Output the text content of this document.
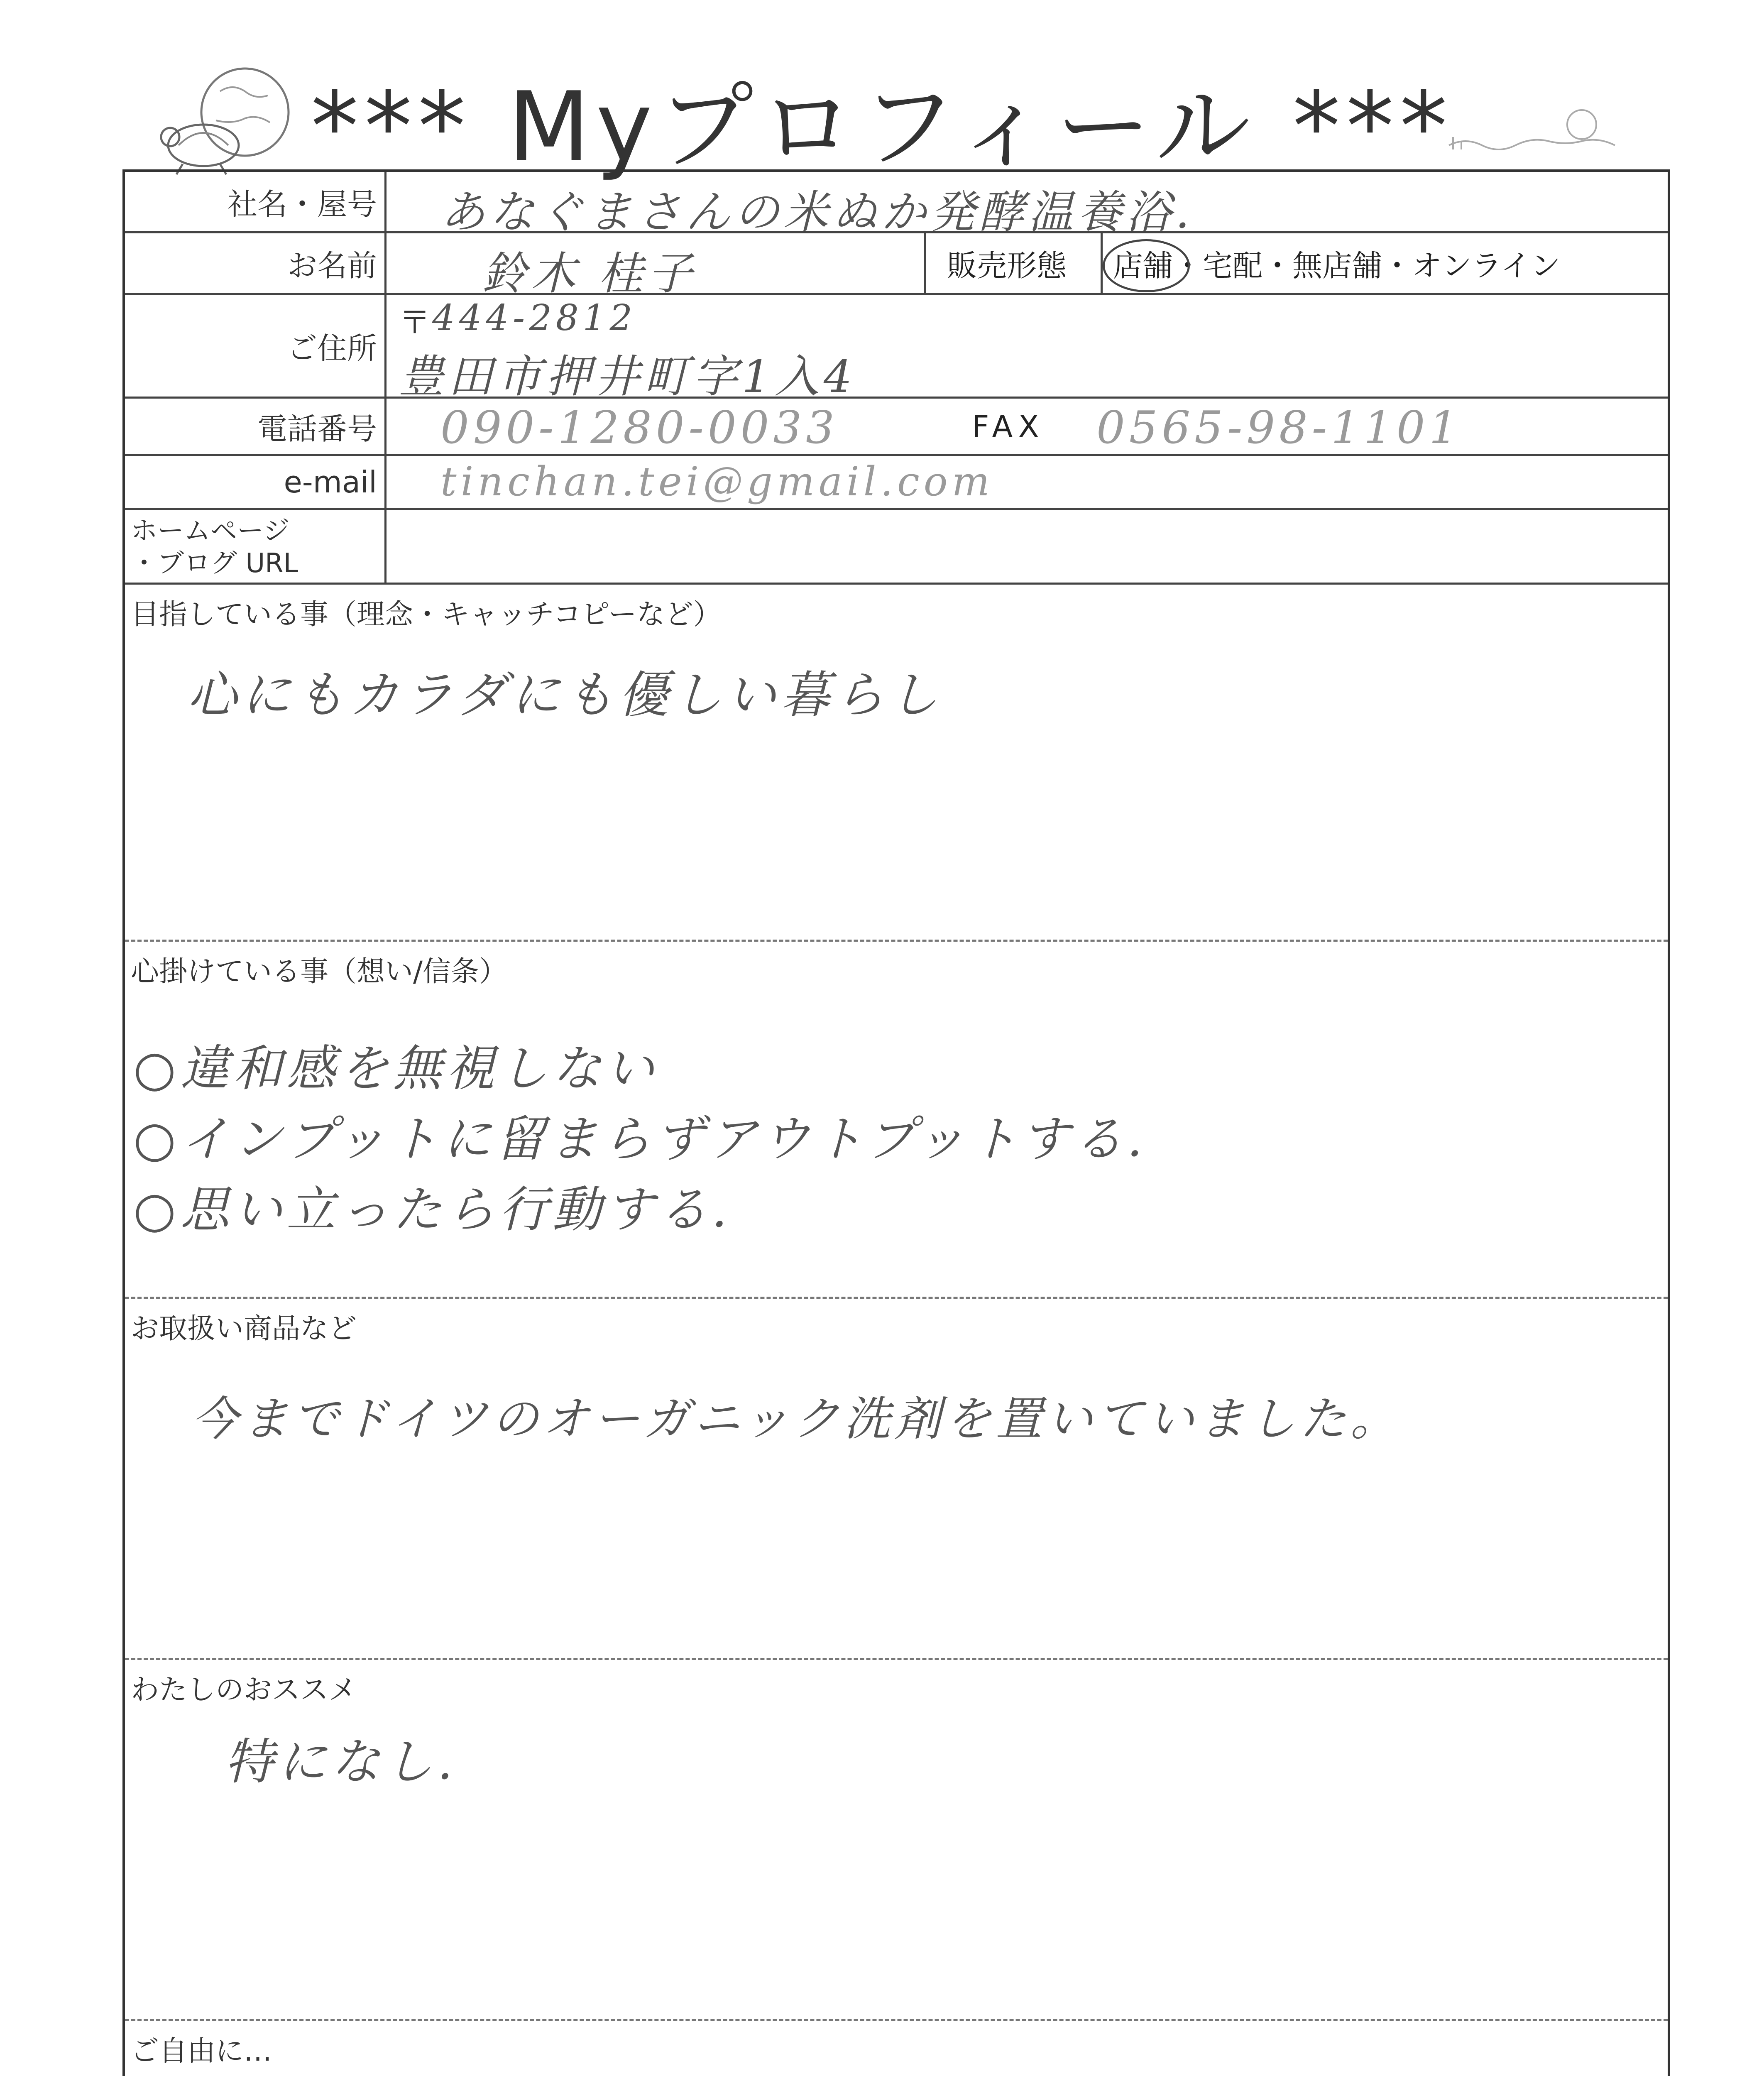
*** Myプロフィール ***
社名・屋号 あなぐまさんの米ぬか発酵温養浴.
お名前 鈴木 桂子	販売形態 店舗 ・宅配・無店舗・オンライン
ご住所
〒
444-2812
豊田市押井町字1入4
電話番号 090-1280-0033	FAX 0565-98-1101
e-mail tinchan.tei@gmail.com
ホームページ
・ブログ URL
目指している事（理念・キャッチコピーなど）
心にもカラダにも優しい暮らし
心掛けている事（想い/信条）
○違和感を無視しない
○インプットに留まらずアウトプットする.
○思い立ったら行動する.
お取扱い商品など
今までドイツのオーガニック洗剤を置いていました。
わたしのおススメ
特になし.
ご自由に…
